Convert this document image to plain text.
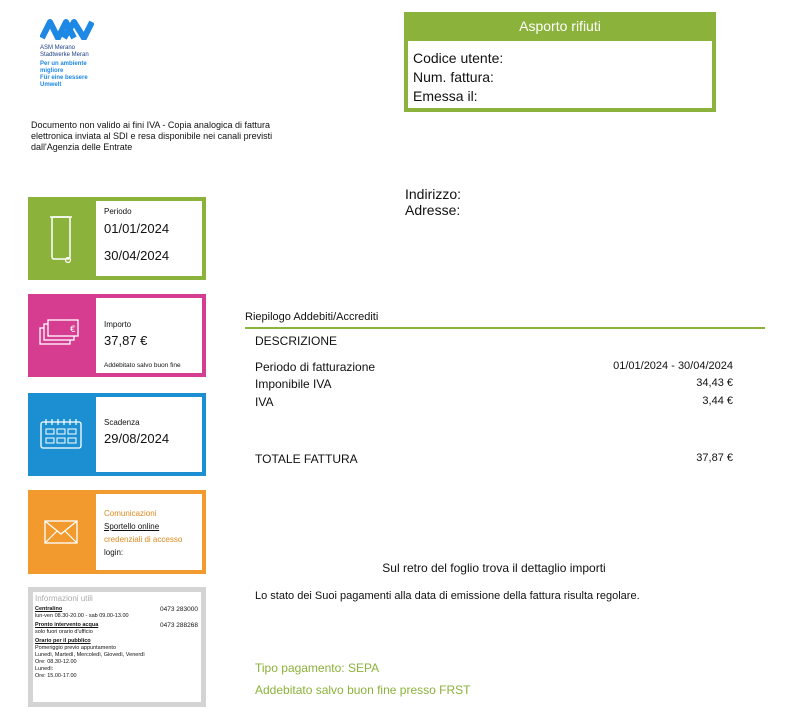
ASM Merano
Stadtwerke Meran
Per un ambiente migliore
Für eine bessere Umwelt
Asporto rifiuti
Codice utente:
Num. fattura:
Emessa il:
Documento non valido ai fini IVA - Copia analogica di fattura elettronica inviata al SDI e resa disponibile nei canali previsti dall'Agenzia delle Entrate
Indirizzo:
Adresse:
Periodo
01/01/2024
30/04/2024
€
Importo
37,87 €
Addebitato salvo buon fine
Scadenza
29/08/2024
Comunicazioni
Sportello online
credenziali di accesso
login:
Informazioni utili
Centralino	0473 283000
lun-ven 08.30-20.00 - sab 09.00-13.00
Pronto intervento acqua	0473 288268
solo fuori orario d'ufficio
Orario per il pubblico
Pomeriggio previo appuntamento
Lunedì, Martedì, Mercoledì, Giovedì, Venerdì
Ore: 08.30-12.00
Lunedì:
Ore: 15.00-17.00
Riepilogo Addebiti/Accrediti
DESCRIZIONE
Periodo di fatturazione	01/01/2024 - 30/04/2024
Imponibile IVA	34,43 €
IVA	3,44 €
TOTALE FATTURA	37,87 €
Sul retro del foglio trova il dettaglio importi
Lo stato dei Suoi pagamenti alla data di emissione della fattura risulta regolare.
Tipo pagamento: SEPA
Addebitato salvo buon fine presso FRST
